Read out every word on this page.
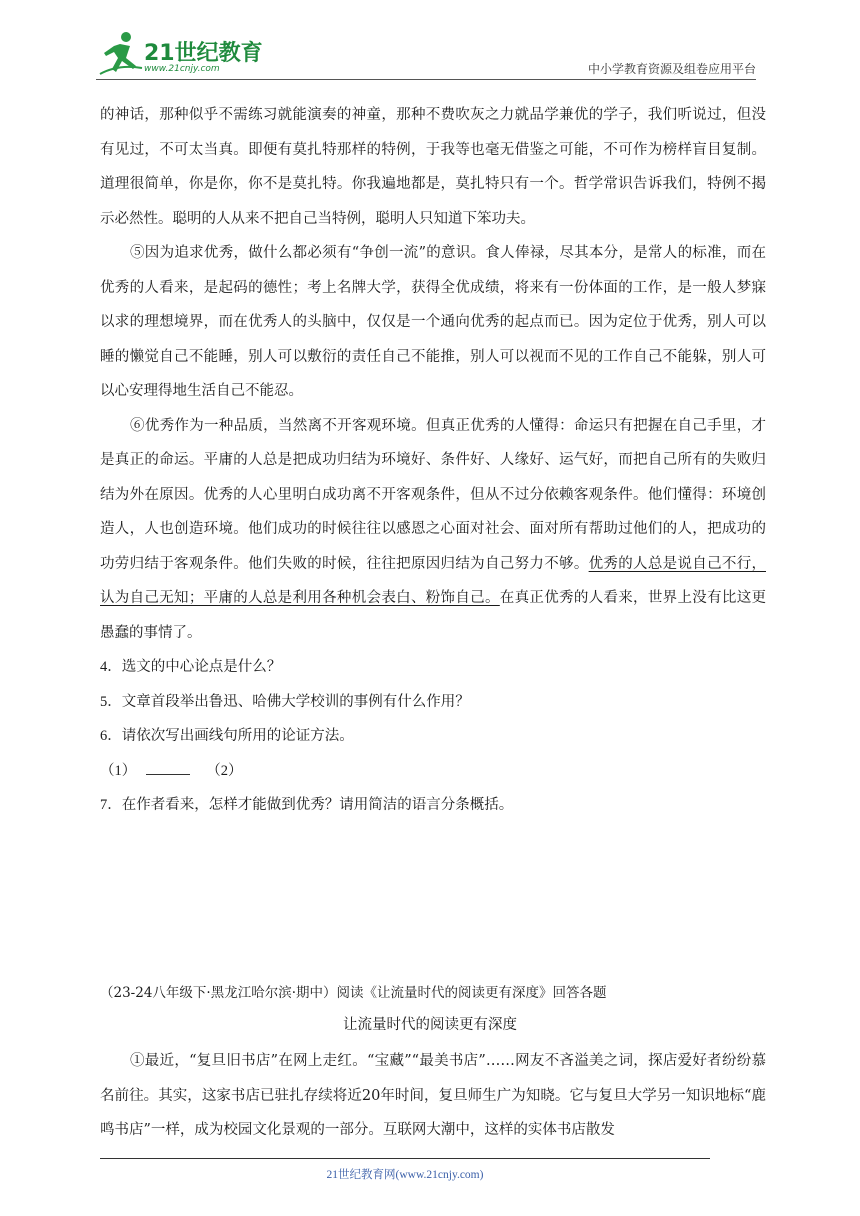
21世纪教育
www.21cnjy.com	中小学教育资源及组卷应用平台

的神话，那种似乎不需练习就能演奏的神童，那种不费吹灰之力就品学兼优的学子，我们听说过，但没有见过，不可太当真。即便有莫扎特那样的特例，于我等也毫无借鉴之可能，不可作为榜样盲目复制。道理很简单，你是你，你不是莫扎特。你我遍地都是，莫扎特只有一个。哲学常识告诉我们，特例不揭示必然性。聪明的人从来不把自己当特例，聪明人只知道下笨功夫。

⑤因为追求优秀，做什么都必须有“争创一流”的意识。食人俸禄，尽其本分，是常人的标准，而在优秀的人看来，是起码的德性；考上名牌大学，获得全优成绩，将来有一份体面的工作，是一般人梦寐以求的理想境界，而在优秀人的头脑中，仅仅是一个通向优秀的起点而已。因为定位于优秀，别人可以睡的懒觉自己不能睡，别人可以敷衍的责任自己不能推，别人可以视而不见的工作自己不能躲，别人可以心安理得地生活自己不能忍。

⑥优秀作为一种品质，当然离不开客观环境。但真正优秀的人懂得：命运只有把握在自己手里，才是真正的命运。平庸的人总是把成功归结为环境好、条件好、人缘好、运气好，而把自己所有的失败归结为外在原因。优秀的人心里明白成功离不开客观条件，但从不过分依赖客观条件。他们懂得：环境创造人，人也创造环境。他们成功的时候往往以感恩之心面对社会、面对所有帮助过他们的人，把成功的功劳归结于客观条件。他们失败的时候，往往把原因归结为自己努力不够。优秀的人总是说自己不行，认为自己无知；平庸的人总是利用各种机会表白、粉饰自己。在真正优秀的人看来，世界上没有比这更愚蠢的事情了。

4．选文的中心论点是什么？

5．文章首段举出鲁迅、哈佛大学校训的事例有什么作用？

6．请依次写出画线句所用的论证方法。

（1）	（2）

7．在作者看来，怎样才能做到优秀？请用简洁的语言分条概括。

（23-24八年级下·黑龙江哈尔滨·期中）阅读《让流量时代的阅读更有深度》回答各题
让流量时代的阅读更有深度

①最近，“复旦旧书店”在网上走红。“宝藏”“最美书店”……网友不吝溢美之词，探店爱好者纷纷慕名前往。其实，这家书店已驻扎存续将近20年时间，复旦师生广为知晓。它与复旦大学另一知识地标“鹿鸣书店”一样，成为校园文化景观的一部分。互联网大潮中，这样的实体书店散发

21世纪教育网(www.21cnjy.com)
